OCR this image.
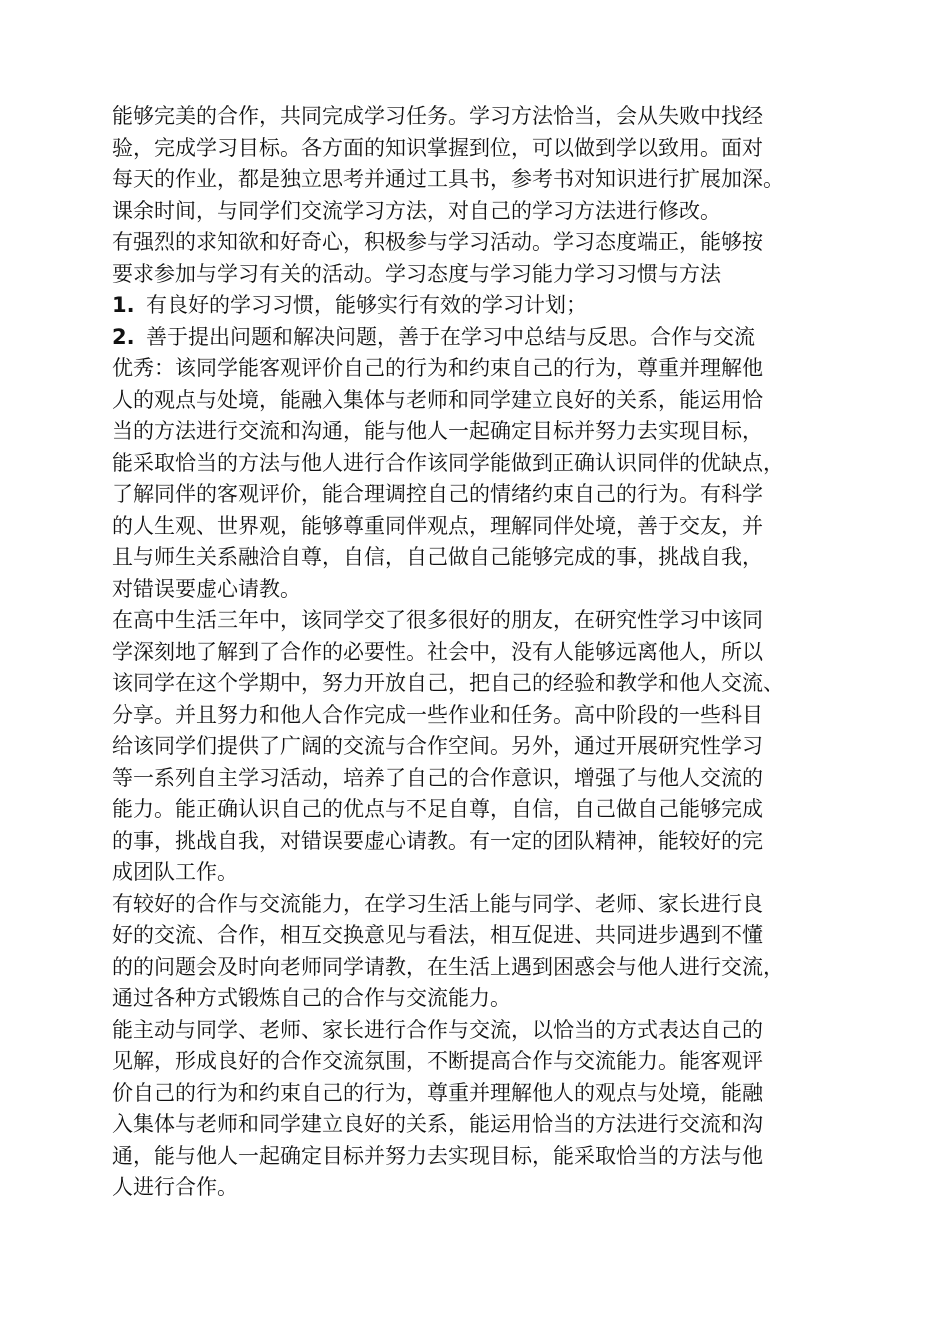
能够完美的合作，共同完成学习任务。学习方法恰当，会从失败中找经
验，完成学习目标。各方面的知识掌握到位，可以做到学以致用。面对
每天的作业，都是独立思考并通过工具书，参考书对知识进行扩展加深。
课余时间，与同学们交流学习方法，对自己的学习方法进行修改。
有强烈的求知欲和好奇心，积极参与学习活动。学习态度端正，能够按
要求参加与学习有关的活动。学习态度与学习能力学习习惯与方法
1. 有良好的学习习惯，能够实行有效的学习计划；
2. 善于提出问题和解决问题，善于在学习中总结与反思。合作与交流
优秀：该同学能客观评价自己的行为和约束自己的行为，尊重并理解他
人的观点与处境，能融入集体与老师和同学建立良好的关系，能运用恰
当的方法进行交流和沟通，能与他人一起确定目标并努力去实现目标，
能采取恰当的方法与他人进行合作该同学能做到正确认识同伴的优缺点，
了解同伴的客观评价，能合理调控自己的情绪约束自己的行为。有科学
的人生观、世界观，能够尊重同伴观点，理解同伴处境，善于交友，并
且与师生关系融洽自尊，自信，自己做自己能够完成的事，挑战自我，
对错误要虚心请教。
在高中生活三年中，该同学交了很多很好的朋友，在研究性学习中该同
学深刻地了解到了合作的必要性。社会中，没有人能够远离他人，所以
该同学在这个学期中，努力开放自己，把自己的经验和教学和他人交流、
分享。并且努力和他人合作完成一些作业和任务。高中阶段的一些科目
给该同学们提供了广阔的交流与合作空间。另外，通过开展研究性学习
等一系列自主学习活动，培养了自己的合作意识，增强了与他人交流的
能力。能正确认识自己的优点与不足自尊，自信，自己做自己能够完成
的事，挑战自我，对错误要虚心请教。有一定的团队精神，能较好的完
成团队工作。
有较好的合作与交流能力，在学习生活上能与同学、老师、家长进行良
好的交流、合作，相互交换意见与看法，相互促进、共同进步遇到不懂
的的问题会及时向老师同学请教，在生活上遇到困惑会与他人进行交流，
通过各种方式锻炼自己的合作与交流能力。
能主动与同学、老师、家长进行合作与交流，以恰当的方式表达自己的
见解，形成良好的合作交流氛围，不断提高合作与交流能力。能客观评
价自己的行为和约束自己的行为，尊重并理解他人的观点与处境，能融
入集体与老师和同学建立良好的关系，能运用恰当的方法进行交流和沟
通，能与他人一起确定目标并努力去实现目标，能采取恰当的方法与他
人进行合作。
